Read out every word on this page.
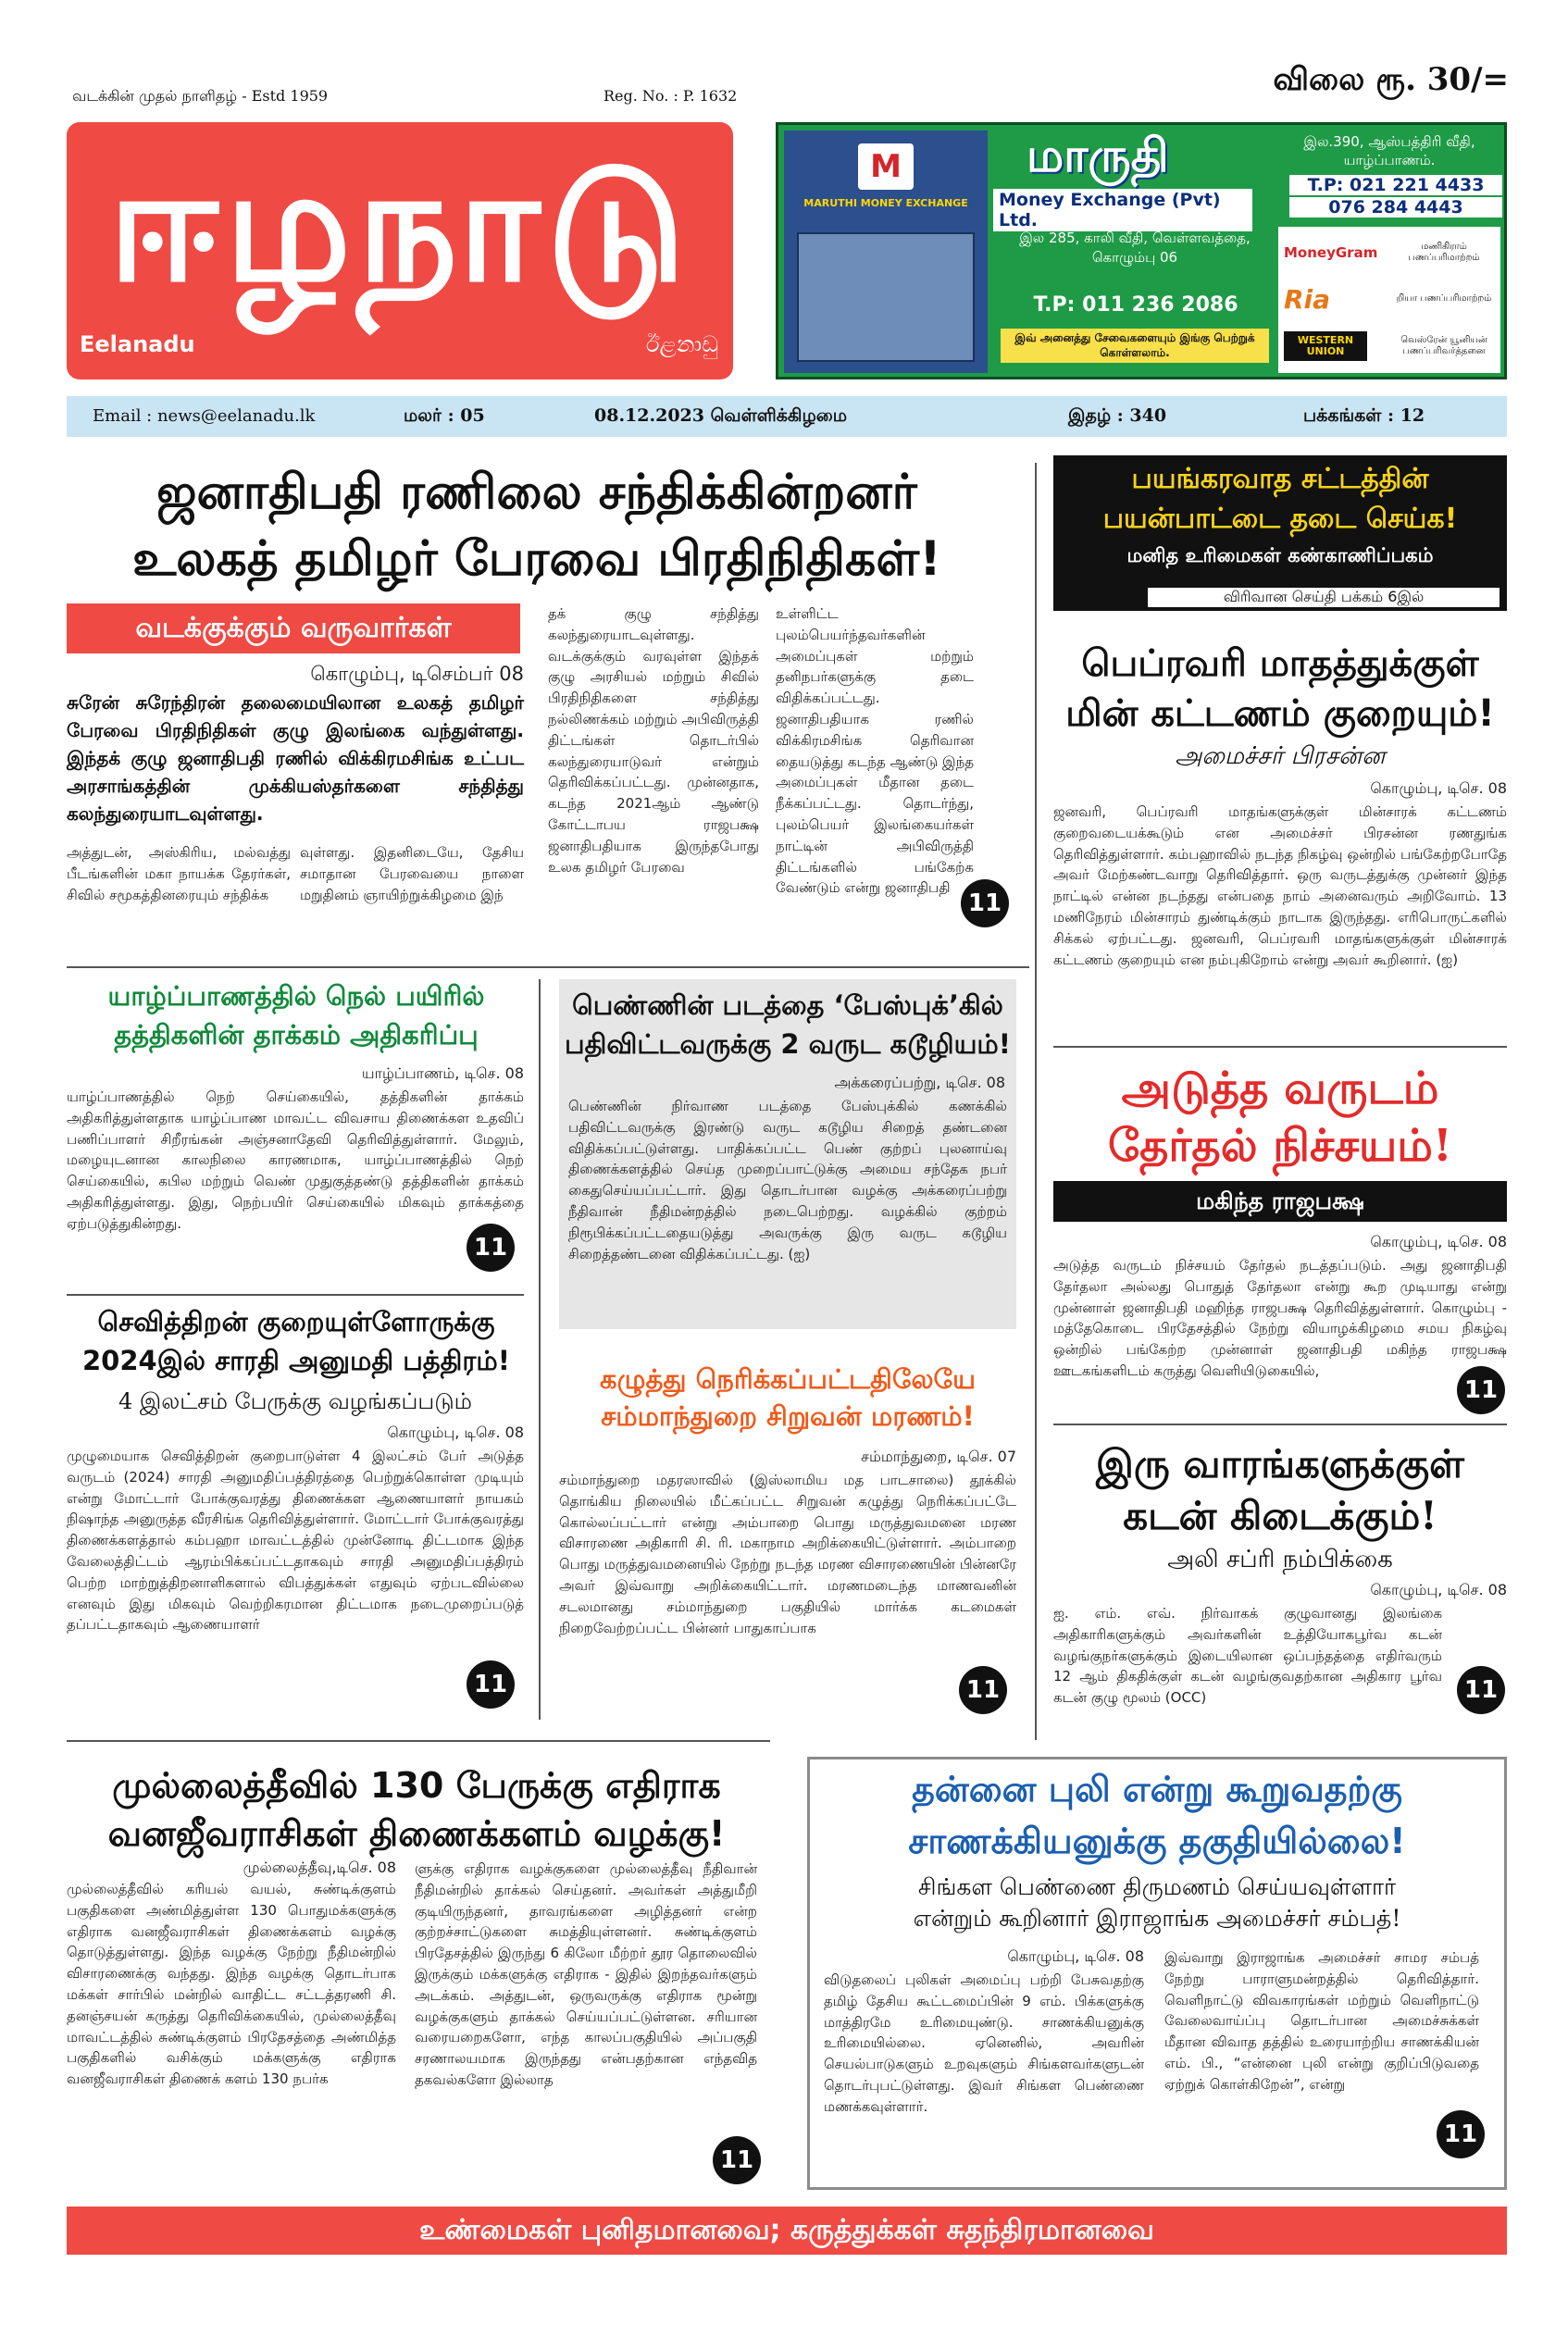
வடக்கின் முதல் நாளிதழ் - Estd 1959	Reg. No. : P. 1632	விலை ரூ. 30/=
ஈழநாடு
Eelanadu	ඊළනාඩු
M
MARUTHI MONEY EXCHANGE
மாருதி
Money Exchange (Pvt) Ltd.
இல.390, ஆஸ்பத்திரி வீதி, யாழ்ப்பாணம்.
T.P: 021 221 4433
076 284 4443
இல 285, காலி வீதி, வெள்ளவத்தை, கொழும்பு 06
T.P: 011 236 2086
இவ் அனைத்து சேவைகளையும் இங்கு பெற்றுக் கொள்ளலாம்.
MoneyGram	மணிகிராம் பணப்பரிமாற்றம்
Ria	றியா பணப்பரிமாற்றம்
WESTERN UNION
வெஸ்ரேன் யூனியன் பணப்பரிவர்த்தனை
Email : news@eelanadu.lk	மலர் : 05	08.12.2023 வெள்ளிக்கிழமை	இதழ் : 340	பக்கங்கள் : 12
ஜனாதிபதி ரணிலை சந்திக்கின்றனர்
உலகத் தமிழர் பேரவை பிரதிநிதிகள்!
வடக்குக்கும் வருவார்கள்
கொழும்பு, டிசெம்பர் 08
சுரேன் சுரேந்திரன் தலைமையிலான உலகத் தமிழர் பேரவை பிரதிநிதிகள் குழு இலங்கை வந்துள்ளது. இந்தக் குழு ஜனாதிபதி ரணில் விக்கிரமசிங்க உட்பட அரசாங்கத்தின் முக்கியஸ்தர்களை சந்தித்து கலந்துரையாடவுள்ளது.
அத்துடன், அஸ்கிரிய, மல்வத்து பீடங்களின் மகா நாயக்க தேரர்கள், சிவில் சமூகத்தினரையும் சந்திக்க
வுள்ளது. இதனிடையே, தேசிய சமாதான பேரவையை நாளை மறுதினம் ஞாயிற்றுக்கிழமை இந்
தக் குழு சந்தித்து கலந்துரையாடவுள்ளது. வடக்குக்கும் வரவுள்ள இந்தக் குழு அரசியல் மற்றும் சிவில் பிரதிநிதிகளை சந்தித்து நல்லிணக்கம் மற்றும் அபிவிருத்தி திட்டங்கள் தொடர்பில் கலந்துரையாடுவர் என்றும் தெரிவிக்கப்பட்டது. முன்னதாக, கடந்த 2021ஆம் ஆண்டு கோட்டாபய ராஜபக்ஷ ஜனாதிபதியாக இருந்தபோது உலக தமிழர் பேரவை
உள்ளிட்ட புலம்பெயர்ந்தவர்களின் அமைப்புகள் மற்றும் தனிநபர்களுக்கு தடை விதிக்கப்பட்டது. ஜனாதிபதியாக ரணில் விக்கிரமசிங்க தெரிவான தையடுத்து கடந்த ஆண்டு இந்த அமைப்புகள் மீதான தடை நீக்கப்பட்டது. தொடர்ந்து, புலம்பெயர் இலங்கையர்கள் நாட்டின் அபிவிருத்தி திட்டங்களில் பங்கேற்க வேண்டும் என்று ஜனாதிபதி
11
பயங்கரவாத சட்டத்தின்
பயன்பாட்டை தடை செய்க!
மனித உரிமைகள் கண்காணிப்பகம்
விரிவான செய்தி பக்கம் 6இல்
பெப்ரவரி மாதத்துக்குள்
மின் கட்டணம் குறையும்!
அமைச்சர் பிரசன்ன
கொழும்பு, டிசெ. 08
ஜனவரி, பெப்ரவரி மாதங்களுக்குள் மின்சாரக் கட்டணம் குறைவடையக்கூடும் என அமைச்சர் பிரசன்ன ரணதுங்க தெரிவித்துள்ளார். கம்பஹாவில் நடந்த நிகழ்வு ஒன்றில் பங்கேற்றபோதே அவர் மேற்கண்டவாறு தெரிவித்தார். ஒரு வருடத்துக்கு முன்னர் இந்த நாட்டில் என்ன நடந்தது என்பதை நாம் அனைவரும் அறிவோம். 13 மணிநேரம் மின்சாரம் துண்டிக்கும் நாடாக இருந்தது. எரிபொருட்களில் சிக்கல் ஏற்பட்டது. ஜனவரி, பெப்ரவரி மாதங்களுக்குள் மின்சாரக் கட்டணம் குறையும் என நம்புகிறோம் என்று அவர் கூறினார். (ஐ)
யாழ்ப்பாணத்தில் நெல் பயிரில்
தத்திகளின் தாக்கம் அதிகரிப்பு
யாழ்ப்பாணம், டிசெ. 08
யாழ்ப்பாணத்தில் நெற் செய்கையில், தத்திகளின் தாக்கம் அதிகரித்துள்ளதாக யாழ்ப்பாண மாவட்ட விவசாய திணைக்கள உதவிப் பணிப்பாளர் சிறீரங்கன் அஞ்சனாதேவி தெரிவித்துள்ளார். மேலும், மழையுடனான காலநிலை காரணமாக, யாழ்ப்பாணத்தில் நெற் செய்கையில், கபில மற்றும் வெண் முதுகுத்தண்டு தத்திகளின் தாக்கம் அதிகரித்துள்ளது. இது, நெற்பயிர் செய்கையில் மிகவும் தாக்கத்தை ஏற்படுத்துகின்றது.
11
பெண்ணின் படத்தை ‘பேஸ்புக்’கில்
பதிவிட்டவருக்கு 2 வருட கடூழியம்!
அக்கரைப்பற்று, டிசெ. 08
பெண்ணின் நிர்வாண படத்தை பேஸ்புக்கில் கணக்கில் பதிவிட்டவருக்கு இரண்டு வருட கடூழிய சிறைத் தண்டனை விதிக்கப்பட்டுள்ளது. பாதிக்கப்பட்ட பெண் குற்றப் புலனாய்வு திணைக்களத்தில் செய்த முறைப்பாட்டுக்கு அமைய சந்தேக நபர் கைதுசெய்யப்பட்டார். இது தொடர்பான வழக்கு அக்கரைப்பற்று நீதிவான் நீதிமன்றத்தில் நடைபெற்றது. வழக்கில் குற்றம் நிரூபிக்கப்பட்டதையடுத்து அவருக்கு இரு வருட கடூழிய சிறைத்தண்டனை விதிக்கப்பட்டது. (ஐ)
அடுத்த வருடம்
தேர்தல் நிச்சயம்!
மகிந்த ராஜபக்ஷ
கொழும்பு, டிசெ. 08
அடுத்த வருடம் நிச்சயம் தேர்தல் நடத்தப்படும். அது ஜனாதிபதி தேர்தலா அல்லது பொதுத் தேர்தலா என்று கூற முடியாது என்று முன்னாள் ஜனாதிபதி மஹிந்த ராஜபக்ஷ தெரிவித்துள்ளார். கொழும்பு - மத்தேகொடை பிரதேசத்தில் நேற்று வியாழக்கிழமை சமய நிகழ்வு ஒன்றில் பங்கேற்ற முன்னாள் ஜனாதிபதி மகிந்த ராஜபக்ஷ ஊடகங்களிடம் கருத்து வெளியிடுகையில்,
11
செவித்திறன் குறையுள்ளோருக்கு
2024இல் சாரதி அனுமதி பத்திரம்!
4 இலட்சம் பேருக்கு வழங்கப்படும்
கொழும்பு, டிசெ. 08
முழுமையாக செவித்திறன் குறைபாடுள்ள 4 இலட்சம் பேர் அடுத்த வருடம் (2024) சாரதி அனுமதிப்பத்திரத்தை பெற்றுக்கொள்ள முடியும் என்று மோட்டார் போக்குவரத்து திணைக்கள ஆணையாளர் நாயகம் நிஷாந்த அனுருத்த வீரசிங்க தெரிவித்துள்ளார். மோட்டார் போக்குவரத்து திணைக்களத்தால் கம்பஹா மாவட்டத்தில் முன்னோடி திட்டமாக இந்த வேலைத்திட்டம் ஆரம்பிக்கப்பட்டதாகவும் சாரதி அனுமதிப்பத்திரம் பெற்ற மாற்றுத்திறனாளிகளால் விபத்துக்கள் எதுவும் ஏற்படவில்லை எனவும் இது மிகவும் வெற்றிகரமான திட்டமாக நடைமுறைப்படுத் தப்பட்டதாகவும் ஆணையாளர்
11
கழுத்து நெரிக்கப்பட்டதிலேயே
சம்மாந்துறை சிறுவன் மரணம்!
சம்மாந்துறை, டிசெ. 07
சம்மாந்துறை மதரஸாவில் (இஸ்லாமிய மத பாடசாலை) தூக்கில் தொங்கிய நிலையில் மீட்கப்பட்ட சிறுவன் கழுத்து நெரிக்கப்பட்டே கொல்லப்பட்டார் என்று அம்பாறை பொது மருத்துவமனை மரண விசாரணை அதிகாரி சி. ரி. மகாநாம அறிக்கையிட்டுள்ளார். அம்பாறை பொது மருத்துவமனையில் நேற்று நடந்த மரண விசாரணையின் பின்னரே அவர் இவ்வாறு அறிக்கையிட்டார். மரணமடைந்த மாணவனின் சடலமானது சம்மாந்துறை பகுதியில் மார்க்க கடமைகள் நிறைவேற்றப்பட்ட பின்னர் பாதுகாப்பாக
11
இரு வாரங்களுக்குள்
கடன் கிடைக்கும்!
அலி சப்ரி நம்பிக்கை
கொழும்பு, டிசெ. 08
ஐ. எம். எவ். நிர்வாகக் குழுவானது இலங்கை அதிகாரிகளுக்கும் அவர்களின் உத்தியோகபூர்வ கடன் வழங்குநர்களுக்கும் இடையிலான ஒப்பந்தத்தை எதிர்வரும் 12 ஆம் திகதிக்குள் கடன் வழங்குவதற்கான அதிகார பூர்வ கடன் குழு மூலம் (OCC)	11
முல்லைத்தீவில் 130 பேருக்கு எதிராக
வனஜீவராசிகள் திணைக்களம் வழக்கு!
முல்லைத்தீவு,டிசெ. 08
முல்லைத்தீவில் கரியல் வயல், சுண்டிக்குளம் பகுதிகளை அண்மித்துள்ள 130 பொதுமக்களுக்கு எதிராக வனஜீவராசிகள் திணைக்களம் வழக்கு தொடுத்துள்ளது. இந்த வழக்கு நேற்று நீதிமன்றில் விசாரணைக்கு வந்தது. இந்த வழக்கு தொடர்பாக மக்கள் சார்பில் மன்றில் வாதிட்ட சட்டத்தரணி சி. தனஞ்சயன் கருத்து தெரிவிக்கையில், முல்லைத்தீவு மாவட்டத்தில் சுண்டிக்குளம் பிரதேசத்தை அண்மித்த பகுதிகளில் வசிக்கும் மக்களுக்கு எதிராக வனஜீவராசிகள் திணைக் களம் 130 நபர்க
ளுக்கு எதிராக வழக்குகளை முல்லைத்தீவு நீதிவான் நீதிமன்றில் தாக்கல் செய்தனர். அவர்கள் அத்துமீறி குடியிருந்தனர், தாவரங்களை அழித்தனர் என்ற குற்றச்சாட்டுகளை சுமத்தியுள்ளனர். சுண்டிக்குளம் பிரதேசத்தில் இருந்து 6 கிலோ மீற்றர் தூர தொலைவில் இருக்கும் மக்களுக்கு எதிராக - இதில் இறந்தவர்களும் அடக்கம். அத்துடன், ஒருவருக்கு எதிராக மூன்று வழக்குகளும் தாக்கல் செய்யப்பட்டுள்ளன. சரியான வரையறைகளோ, எந்த காலப்பகுதியில் அப்பகுதி சரணாலயமாக இருந்தது என்பதற்கான எந்தவித தகவல்களோ இல்லாத
11
தன்னை புலி என்று கூறுவதற்கு
சாணக்கியனுக்கு தகுதியில்லை!
சிங்கள பெண்ணை திருமணம் செய்யவுள்ளார்
என்றும் கூறினார் இராஜாங்க அமைச்சர் சம்பத்!
கொழும்பு, டிசெ. 08
விடுதலைப் புலிகள் அமைப்பு பற்றி பேசுவதற்கு தமிழ் தேசிய கூட்டமைப்பின் 9 எம். பிக்களுக்கு மாத்திரமே உரிமையுண்டு. சாணக்கியனுக்கு உரிமையில்லை. ஏனெனில், அவரின் செயல்பாடுகளும் உறவுகளும் சிங்களவர்களுடன் தொடர்புபட்டுள்ளது. இவர் சிங்கள பெண்ணை மணக்கவுள்ளார்.
இவ்வாறு இராஜாங்க அமைச்சர் சாமர சம்பத் நேற்று பாராளுமன்றத்தில் தெரிவித்தார். வெளிநாட்டு விவகாரங்கள் மற்றும் வெளிநாட்டு வேலைவாய்ப்பு தொடர்பான அமைச்சுக்கள் மீதான விவாத தத்தில் உரையாற்றிய சாணக்கியன் எம். பி., “என்னை புலி என்று குறிப்பிடுவதை ஏற்றுக் கொள்கிறேன்”, என்று
11
உண்மைகள் புனிதமானவை; கருத்துக்கள் சுதந்திரமானவை
